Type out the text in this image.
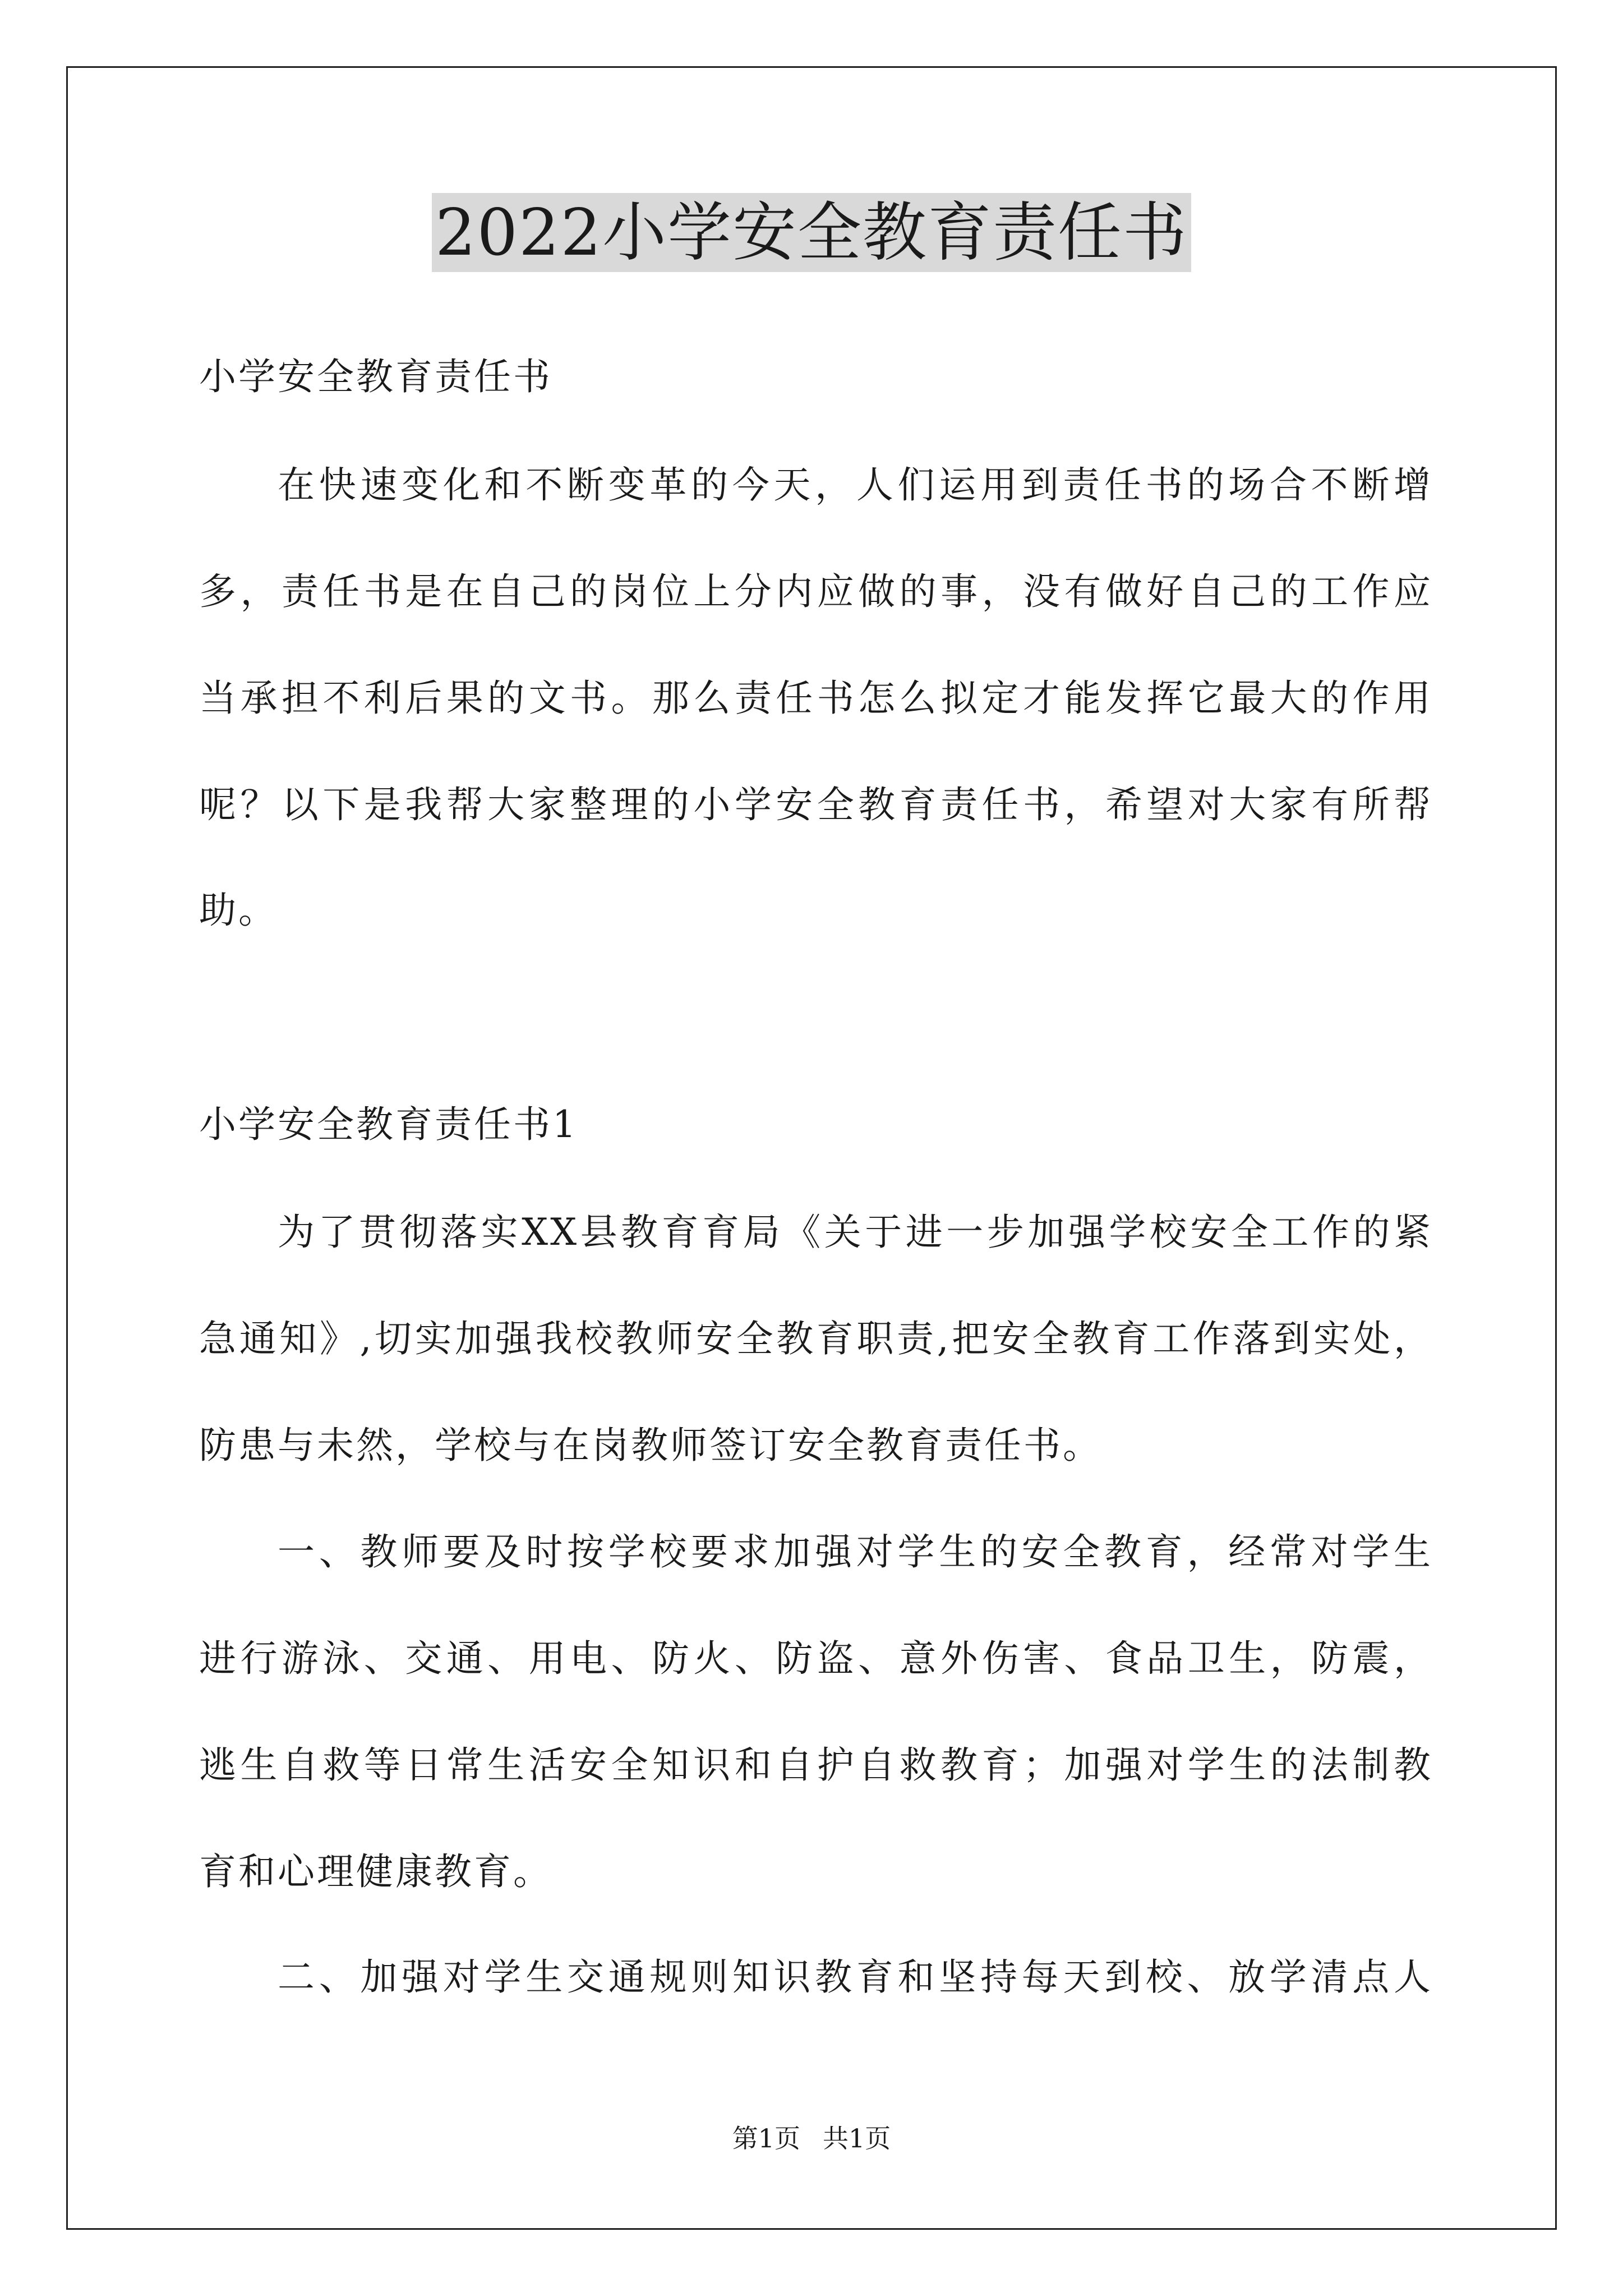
2022小学安全教育责任书
小学安全教育责任书
在快速变化和不断变革的今天，人们运用到责任书的场合不断增
多，责任书是在自己的岗位上分内应做的事，没有做好自己的工作应
当承担不利后果的文书。那么责任书怎么拟定才能发挥它最大的作用
呢？以下是我帮大家整理的小学安全教育责任书，希望对大家有所帮
助。
小学安全教育责任书1
为了贯彻落实XX县教育育局《关于进一步加强学校安全工作的紧
急通知》,切实加强我校教师安全教育职责,把安全教育工作落到实处，
防患与未然，学校与在岗教师签订安全教育责任书。
一、教师要及时按学校要求加强对学生的安全教育，经常对学生
进行游泳、交通、用电、防火、防盗、意外伤害、食品卫生，防震，
逃生自救等日常生活安全知识和自护自救教育；加强对学生的法制教
育和心理健康教育。
二、加强对学生交通规则知识教育和坚持每天到校、放学清点人
第1页 共1页
